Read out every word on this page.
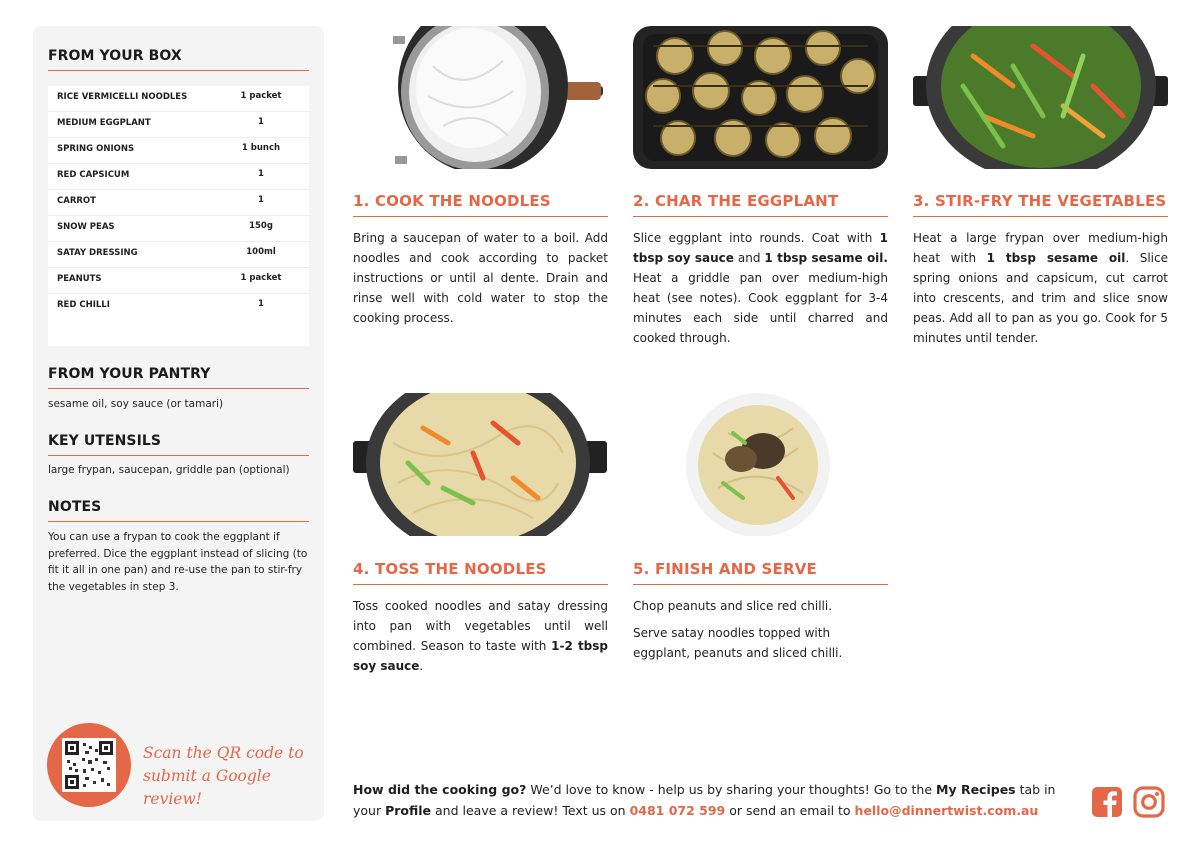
FROM YOUR BOX
RICE VERMICELLI NOODLES	1 packet
MEDIUM EGGPLANT	1
SPRING ONIONS	1 bunch
RED CAPSICUM	1
CARROT	1
SNOW PEAS	150g
SATAY DRESSING	100ml
PEANUTS	1 packet
RED CHILLI	1
FROM YOUR PANTRY
sesame oil, soy sauce (or tamari)
KEY UTENSILS
large frypan, saucepan, griddle pan (optional)
NOTES
You can use a frypan to cook the eggplant if preferred. Dice the eggplant instead of slicing (to fit it all in one pan) and re-use the pan to stir-fry the vegetables in step 3.
Scan the QR code to
submit a Google review!
1. COOK THE NOODLES
Bring a saucepan of water to a boil. Add noodles and cook according to packet instructions or until al dente. Drain and rinse well with cold water to stop the cooking process.
2. CHAR THE EGGPLANT
Slice eggplant into rounds. Coat with 1 tbsp soy sauce and 1 tbsp sesame oil. Heat a griddle pan over medium-high heat (see notes). Cook eggplant for 3-4 minutes each side until charred and cooked through.
3. STIR-FRY THE VEGETABLES
Heat a large frypan over medium-high heat with 1 tbsp sesame oil. Slice spring onions and capsicum, cut carrot into crescents, and trim and slice snow peas. Add all to pan as you go. Cook for 5 minutes until tender.
4. TOSS THE NOODLES
Toss cooked noodles and satay dressing into pan with vegetables until well combined. Season to taste with 1-2 tbsp soy sauce.
5. FINISH AND SERVE
Chop peanuts and slice red chilli.
Serve satay noodles topped with eggplant, peanuts and sliced chilli.
How did the cooking go? We’d love to know - help us by sharing your thoughts! Go to the My Recipes tab in your Profile and leave a review! Text us on 0481 072 599 or send an email to hello@dinnertwist.com.au
